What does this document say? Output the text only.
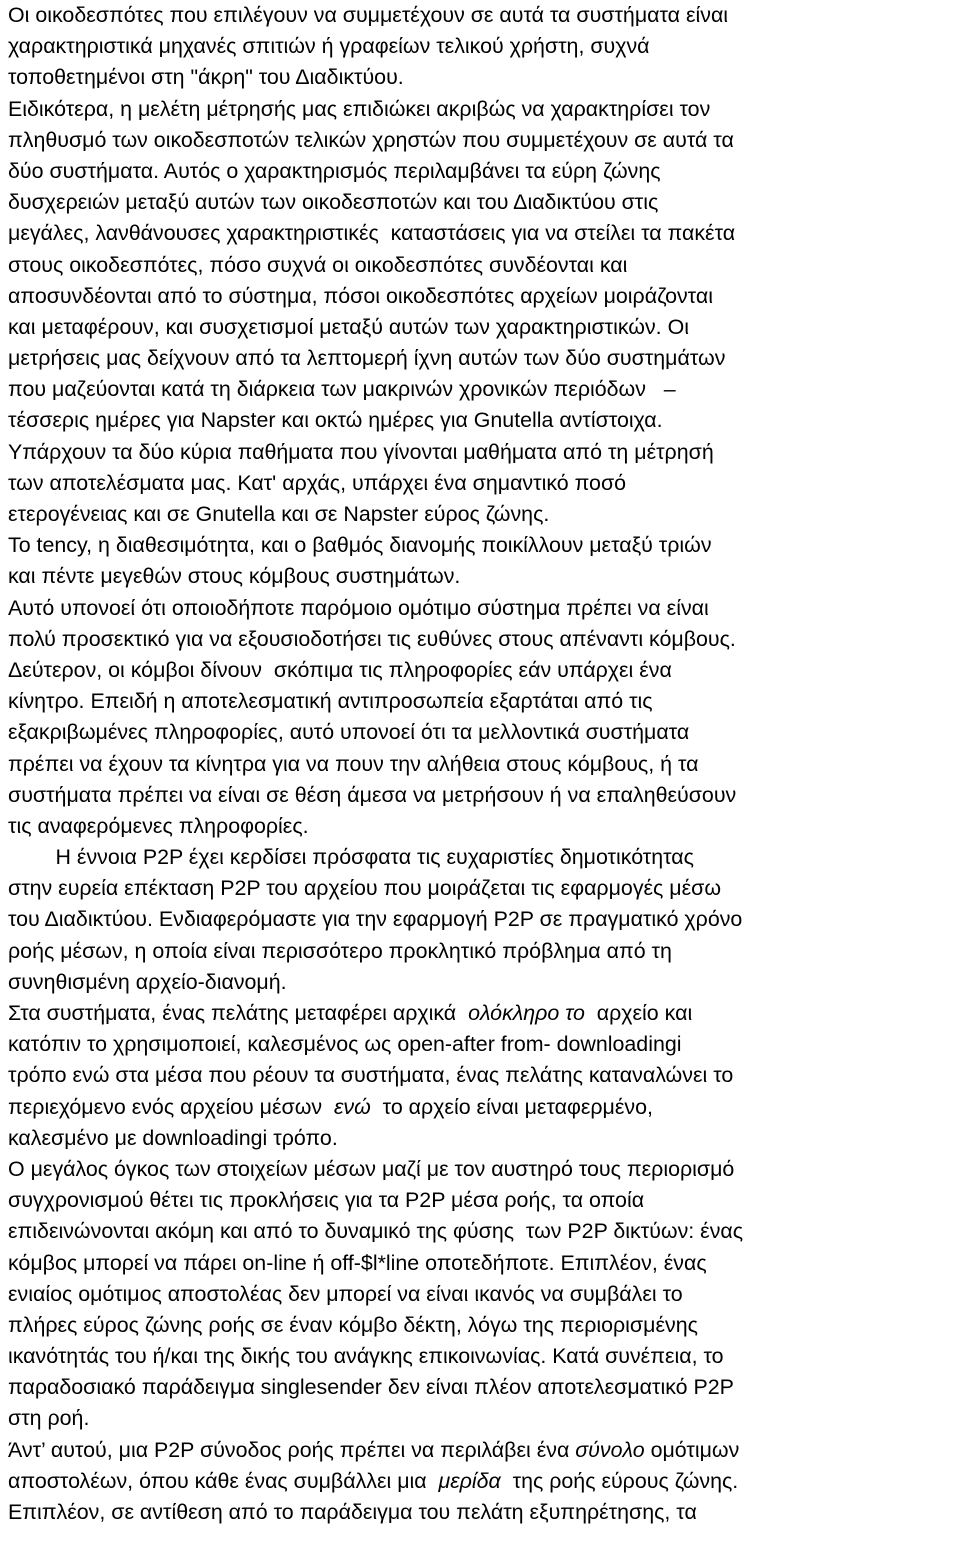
Οι οικοδεσπότες που επιλέγουν να συμμετέχουν σε αυτά τα συστήματα είναι
χαρακτηριστικά μηχανές σπιτιών ή γραφείων τελικού χρήστη, συχνά
τοποθετημένοι στη "άκρη" του Διαδικτύου.
Ειδικότερα, η μελέτη μέτρησής μας επιδιώκει ακριβώς να χαρακτηρίσει τον
πληθυσμό των οικοδεσποτών τελικών χρηστών που συμμετέχουν σε αυτά τα
δύο συστήματα. Αυτός ο χαρακτηρισμός περιλαμβάνει τα εύρη ζώνης
δυσχερειών μεταξύ αυτών των οικοδεσποτών και του Διαδικτύου στις
μεγάλες, λανθάνουσες χαρακτηριστικές  καταστάσεις για να στείλει τα πακέτα
στους οικοδεσπότες, πόσο συχνά οι οικοδεσπότες συνδέονται και
αποσυνδέονται από το σύστημα, πόσοι οικοδεσπότες αρχείων μοιράζονται
και μεταφέρουν, και συσχετισμοί μεταξύ αυτών των χαρακτηριστικών. Οι
μετρήσεις μας δείχνουν από τα λεπτομερή ίχνη αυτών των δύο συστημάτων
που μαζεύονται κατά τη διάρκεια των μακρινών χρονικών περιόδων   –
τέσσερις ημέρες για Napster και οκτώ ημέρες για Gnutella αντίστοιχα.
Υπάρχουν τα δύο κύρια παθήματα που γίνονται μαθήματα από τη μέτρησή
των αποτελέσματα μας. Κατ' αρχάς, υπάρχει ένα σημαντικό ποσό
ετερογένειας και σε Gnutella και σε Napster εύρος ζώνης.
Το tency, η διαθεσιμότητα, και ο βαθμός διανομής ποικίλλουν μεταξύ τριών
και πέντε μεγεθών στους κόμβους συστημάτων.
Αυτό υπονοεί ότι οποιοδήποτε παρόμοιο ομότιμο σύστημα πρέπει να είναι
πολύ προσεκτικό για να εξουσιοδοτήσει τις ευθύνες στους απέναντι κόμβους.
Δεύτερον, οι κόμβοι δίνουν  σκόπιμα τις πληροφορίες εάν υπάρχει ένα
κίνητρο. Επειδή η αποτελεσματική αντιπροσωπεία εξαρτάται από τις
εξακριβωμένες πληροφορίες, αυτό υπονοεί ότι τα μελλοντικά συστήματα
πρέπει να έχουν τα κίνητρα για να πουν την αλήθεια στους κόμβους, ή τα
συστήματα πρέπει να είναι σε θέση άμεσα να μετρήσουν ή να επαληθεύσουν
τις αναφερόμενες πληροφορίες.
Η έννοια P2P έχει κερδίσει πρόσφατα τις ευχαριστίες δημοτικότητας
στην ευρεία επέκταση P2P του αρχείου που μοιράζεται τις εφαρμογές μέσω
του Διαδικτύου. Ενδιαφερόμαστε για την εφαρμογή P2P σε πραγματικό χρόνο
ροής μέσων, η οποία είναι περισσότερο προκλητικό πρόβλημα από τη
συνηθισμένη αρχείο-διανομή.
Στα συστήματα, ένας πελάτης μεταφέρει αρχικά  ολόκληρο το  αρχείο και
κατόπιν το χρησιμοποιεί, καλεσμένος ως open-after from- downloadingi
τρόπο ενώ στα μέσα που ρέουν τα συστήματα, ένας πελάτης καταναλώνει το
περιεχόμενο ενός αρχείου μέσων  ενώ  το αρχείο είναι μεταφερμένο,
καλεσμένο με downloadingi τρόπο.
Ο μεγάλος όγκος των στοιχείων μέσων μαζί με τον αυστηρό τους περιορισμό
συγχρονισμού θέτει τις προκλήσεις για τα P2P μέσα ροής, τα οποία
επιδεινώνονται ακόμη και από το δυναμικό της φύσης  των P2P δικτύων: ένας
κόμβος μπορεί να πάρει on-line ή off-$l*line οποτεδήποτε. Επιπλέον, ένας
ενιαίος ομότιμος αποστολέας δεν μπορεί να είναι ικανός να συμβάλει το
πλήρες εύρος ζώνης ροής σε έναν κόμβο δέκτη, λόγω της περιορισμένης
ικανότητάς του ή/και της δικής του ανάγκης επικοινωνίας. Κατά συνέπεια, το
παραδοσιακό παράδειγμα singlesender δεν είναι πλέον αποτελεσματικό P2P
στη ροή.
Άντ’ αυτού, μια P2P σύνοδος ροής πρέπει να περιλάβει ένα σύνολο ομότιμων
αποστολέων, όπου κάθε ένας συμβάλλει μια  μερίδα  της ροής εύρους ζώνης.
Επιπλέον, σε αντίθεση από το παράδειγμα του πελάτη εξυπηρέτησης, τα
